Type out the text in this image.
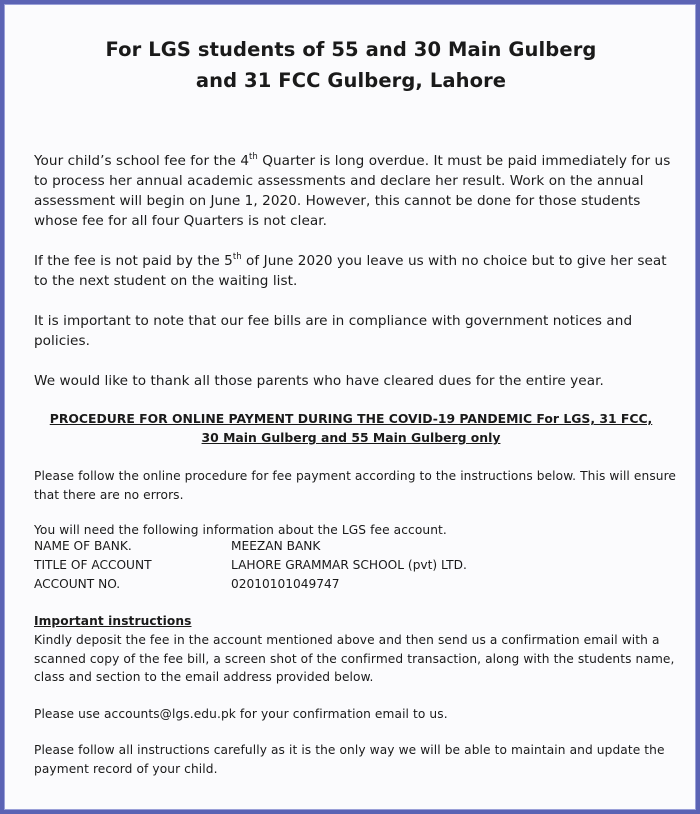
For LGS students of 55 and 30 Main Gulberg
and 31 FCC Gulberg, Lahore
Your child’s school fee for the 4th Quarter is long overdue. It must be paid immediately for us to process her annual academic assessments and declare her result. Work on the annual assessment will begin on June 1, 2020. However, this cannot be done for those students whose fee for all four Quarters is not clear.
If the fee is not paid by the 5th of June 2020 you leave us with no choice but to give her seat to the next student on the waiting list.
It is important to note that our fee bills are in compliance with government notices and policies.
We would like to thank all those parents who have cleared dues for the entire year.
PROCEDURE FOR ONLINE PAYMENT DURING THE COVID-19 PANDEMIC For LGS, 31 FCC,
30 Main Gulberg and 55 Main Gulberg only
Please follow the online procedure for fee payment according to the instructions below. This will ensure that there are no errors.
You will need the following information about the LGS fee account.
NAME OF BANK.	MEEZAN BANK
TITLE OF ACCOUNT	LAHORE GRAMMAR SCHOOL (pvt) LTD.
ACCOUNT NO.	02010101049747
Important instructions
Kindly deposit the fee in the account mentioned above and then send us a confirmation email with a scanned copy of the fee bill, a screen shot of the confirmed transaction, along with the students name, class and section to the email address provided below.
Please use accounts@lgs.edu.pk for your confirmation email to us.
Please follow all instructions carefully as it is the only way we will be able to maintain and update the payment record of your child.
